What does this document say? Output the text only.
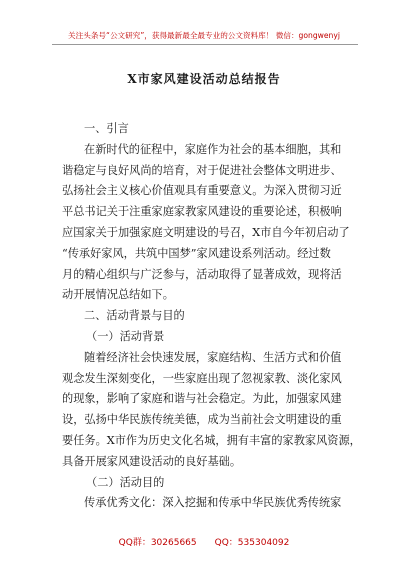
关注头条号“公文研究”，获得最新最全最专业的公文资料库！ 微信：gongwenyj
X市家风建设活动总结报告
一、引言
在新时代的征程中，家庭作为社会的基本细胞，其和
谐稳定与良好风尚的培育，对于促进社会整体文明进步、
弘扬社会主义核心价值观具有重要意义。为深入贯彻习近
平总书记关于注重家庭家教家风建设的重要论述，积极响
应国家关于加强家庭文明建设的号召，X市自今年初启动了
“传承好家风，共筑中国梦”家风建设系列活动。经过数
月的精心组织与广泛参与，活动取得了显著成效，现将活
动开展情况总结如下。
二、活动背景与目的
（一）活动背景
随着经济社会快速发展，家庭结构、生活方式和价值
观念发生深刻变化，一些家庭出现了忽视家教、淡化家风
的现象，影响了家庭和谐与社会稳定。为此，加强家风建
设，弘扬中华民族传统美德，成为当前社会文明建设的重
要任务。X市作为历史文化名城，拥有丰富的家教家风资源，
具备开展家风建设活动的良好基础。
（二）活动目的
传承优秀文化：深入挖掘和传承中华民族优秀传统家
QQ群：30265665 QQ：535304092
